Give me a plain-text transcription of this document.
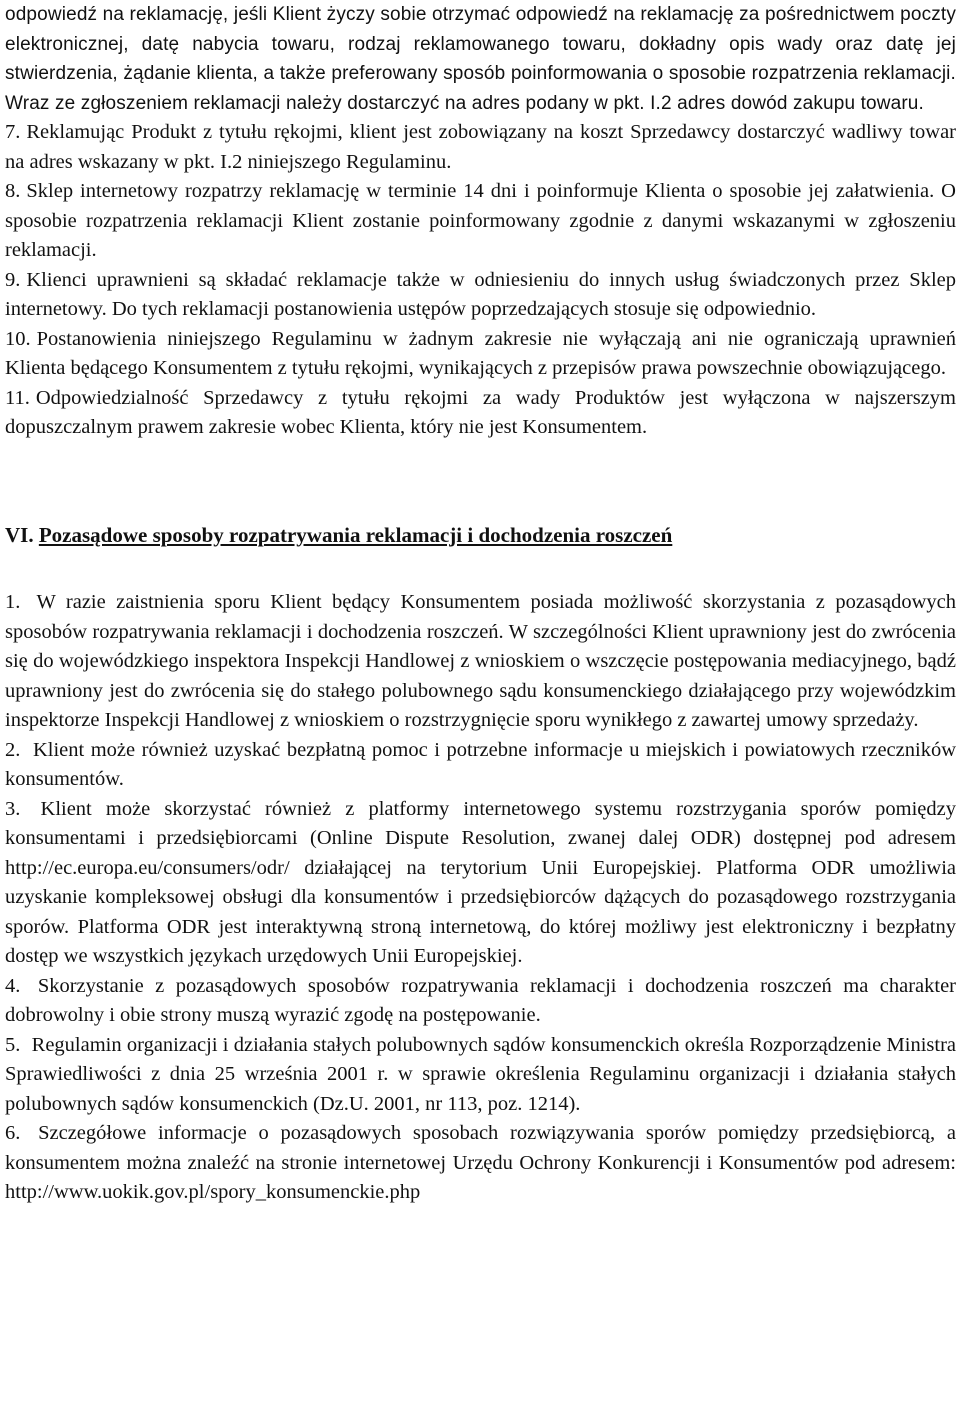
odpowiedź na reklamację, jeśli Klient życzy sobie otrzymać odpowiedź na reklamację za pośrednictwem poczty elektronicznej, datę nabycia towaru, rodzaj reklamowanego towaru, dokładny opis wady oraz datę jej stwierdzenia, żądanie klienta, a także preferowany sposób poinformowania o sposobie rozpatrzenia reklamacji. Wraz ze zgłoszeniem reklamacji należy dostarczyć na adres podany w pkt. I.2 adres dowód zakupu towaru.

7. Reklamując Produkt z tytułu rękojmi, klient jest zobowiązany na koszt Sprzedawcy dostarczyć wadliwy towar na adres wskazany w pkt. I.2 niniejszego Regulaminu.

8. Sklep internetowy rozpatrzy reklamację w terminie 14 dni i poinformuje Klienta o sposobie jej załatwienia. O sposobie rozpatrzenia reklamacji Klient zostanie poinformowany zgodnie z danymi wskazanymi w zgłoszeniu reklamacji.

9. Klienci uprawnieni są składać reklamacje także w odniesieniu do innych usług świadczonych przez Sklep internetowy. Do tych reklamacji postanowienia ustępów poprzedzających stosuje się odpowiednio.

10. Postanowienia niniejszego Regulaminu w żadnym zakresie nie wyłączają ani nie ograniczają uprawnień Klienta będącego Konsumentem z tytułu rękojmi, wynikających z przepisów prawa powszechnie obowiązującego.

11. Odpowiedzialność Sprzedawcy z tytułu rękojmi za wady Produktów jest wyłączona w najszerszym dopuszczalnym prawem zakresie wobec Klienta, który nie jest Konsumentem.

VI. Pozasądowe sposoby rozpatrywania reklamacji i dochodzenia roszczeń

1. W razie zaistnienia sporu Klient będący Konsumentem posiada możliwość skorzystania z pozasądowych sposobów rozpatrywania reklamacji i dochodzenia roszczeń. W szczególności Klient uprawniony jest do zwrócenia się do wojewódzkiego inspektora Inspekcji Handlowej z wnioskiem o wszczęcie postępowania mediacyjnego, bądź uprawniony jest do zwrócenia się do stałego polubownego sądu konsumenckiego działającego przy wojewódzkim inspektorze Inspekcji Handlowej z wnioskiem o rozstrzygnięcie sporu wynikłego z zawartej umowy sprzedaży.

2. Klient może również uzyskać bezpłatną pomoc i potrzebne informacje u miejskich i powiatowych rzeczników konsumentów.

3. Klient może skorzystać również z platformy internetowego systemu rozstrzygania sporów pomiędzy konsumentami i przedsiębiorcami (Online Dispute Resolution, zwanej dalej ODR) dostępnej pod adresem http://ec.europa.eu/consumers/odr/ działającej na terytorium Unii Europejskiej. Platforma ODR umożliwia uzyskanie kompleksowej obsługi dla konsumentów i przedsiębiorców dążących do pozasądowego rozstrzygania sporów. Platforma ODR jest interaktywną stroną internetową, do której możliwy jest elektroniczny i bezpłatny dostęp we wszystkich językach urzędowych Unii Europejskiej.

4. Skorzystanie z pozasądowych sposobów rozpatrywania reklamacji i dochodzenia roszczeń ma charakter dobrowolny i obie strony muszą wyrazić zgodę na postępowanie.

5. Regulamin organizacji i działania stałych polubownych sądów konsumenckich określa Rozporządzenie Ministra Sprawiedliwości z dnia 25 września 2001 r. w sprawie określenia Regulaminu organizacji i działania stałych polubownych sądów konsumenckich (Dz.U. 2001, nr 113, poz. 1214).

6. Szczegółowe informacje o pozasądowych sposobach rozwiązywania sporów pomiędzy przedsiębiorcą, a konsumentem można znaleźć na stronie internetowej Urzędu Ochrony Konkurencji i Konsumentów pod adresem: http://www.uokik.gov.pl/spory_konsumenckie.php
